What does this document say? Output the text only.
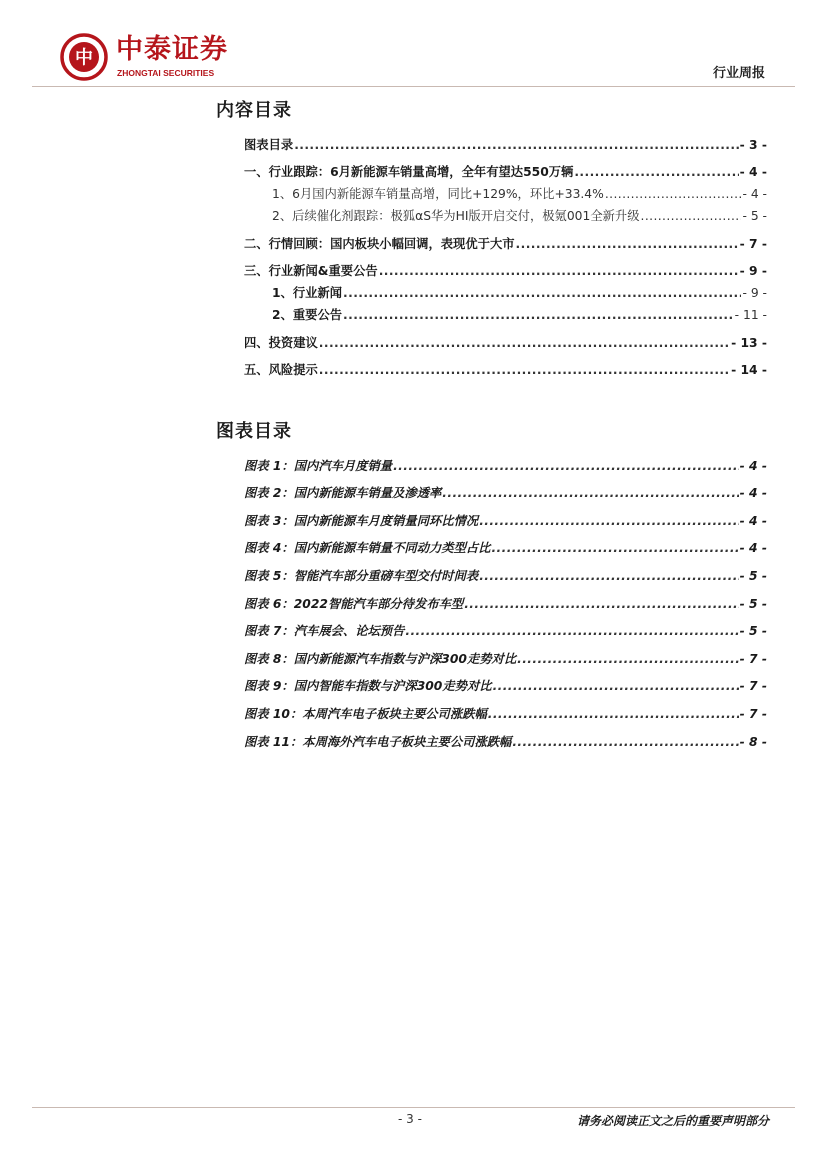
中 中泰证券
ZHONGTAI SECURITIES	行业周报
内容目录
图表目录 .....	- 3 -
一、行业跟踪：6月新能源车销量高增，全年有望达550万辆 .....	- 4 -
1、6月国内新能源车销量高增，同比+129%，环比+33.4% .....	- 4 -
2、后续催化剂跟踪：极狐αS华为HI版开启交付，极氪001全新升级 .....	- 5 -
二、行情回顾：国内板块小幅回调，表现优于大市 .....	- 7 -
三、行业新闻&重要公告 .....	- 9 -
1、行业新闻 .....	- 9 -
2、重要公告 .....	- 11 -
四、投资建议 .....	- 13 -
五、风险提示 .....	- 14 -
图表目录
图表 1：国内汽车月度销量 .....	- 4 -
图表 2：国内新能源车销量及渗透率 .....	- 4 -
图表 3：国内新能源车月度销量同环比情况 .....	- 4 -
图表 4：国内新能源车销量不同动力类型占比 .....	- 4 -
图表 5：智能汽车部分重磅车型交付时间表 .....	- 5 -
图表 6：2022智能汽车部分待发布车型 .....	- 5 -
图表 7：汽车展会、论坛预告 .....	- 5 -
图表 8：国内新能源汽车指数与沪深300走势对比 .....	- 7 -
图表 9：国内智能车指数与沪深300走势对比 .....	- 7 -
图表 10：本周汽车电子板块主要公司涨跌幅 .....	- 7 -
图表 11：本周海外汽车电子板块主要公司涨跌幅 .....	- 8 -
- 3 -	请务必阅读正文之后的重要声明部分
